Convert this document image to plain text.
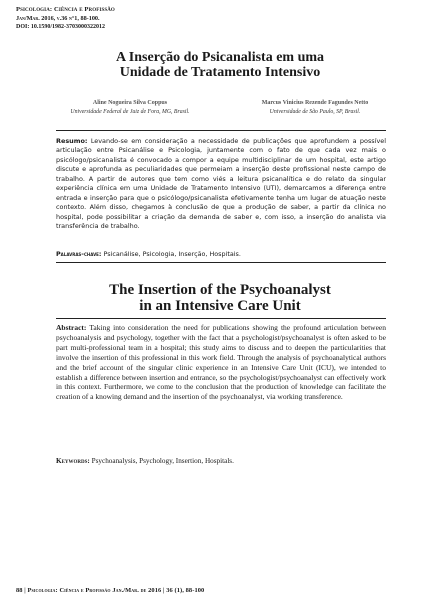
Psicologia: Ciência e Profissão
Jan/Mar. 2016, v.36 n°1, 88-100.
DOI: 10.1590/1982-3703000322012
A Inserção do Psicanalista em uma
Unidade de Tratamento Intensivo
Aline Nogueira Silva Coppus
Universidade Federal de Juiz de Fora, MG, Brasil.
Marcus Vinicius Rezende Fagundes Netto
Universidade de São Paulo, SP, Brasil.
Resumo: Levando-se em consideração a necessidade de publicações que aprofundem a possível articulação entre Psicanálise e Psicologia, juntamente com o fato de que cada vez mais o psicólogo/psicanalista é convocado a compor a equipe multidisciplinar de um hospital, este artigo discute e aprofunda as peculiaridades que permeiam a inserção deste profissional neste campo de trabalho. A partir de autores que tem como viés a leitura psicanalítica e do relato da singular experiência clínica em uma Unidade de Tratamento Intensivo (UTI), demarcamos a diferença entre entrada e inserção para que o psicólogo/psicanalista efetivamente tenha um lugar de atuação neste contexto. Além disso, chegamos à conclusão de que a produção de saber, a partir da clínica no hospital, pode possibilitar a criação da demanda de saber e, com isso, a inserção do analista via transferência de trabalho.
Palavras-chave: Psicanálise, Psicologia, Inserção, Hospitais.
The Insertion of the Psychoanalyst
in an Intensive Care Unit
Abstract: Taking into consideration the need for publications showing the profound articulation between psychoanalysis and psychology, together with the fact that a psychologist/psychoanalyst is often asked to be part multi-professional team in a hospital; this study aims to discuss and to deepen the particularities that involve the insertion of this professional in this work field. Through the analysis of psychoanalytical authors and the brief account of the singular clinic experience in an Intensive Care Unit (ICU), we intended to establish a difference between insertion and entrance, so the psychologist/psychoanalyst can effectively work in this context. Furthermore, we come to the conclusion that the production of knowledge can facilitate the creation of a knowing demand and the insertion of the psychoanalyst, via working transference.
Keywords: Psychoanalysis, Psychology, Insertion, Hospitals.
88 | Psicologia: Ciência e Profissão Jan./Mar. de 2016 | 36 (1), 88-100
